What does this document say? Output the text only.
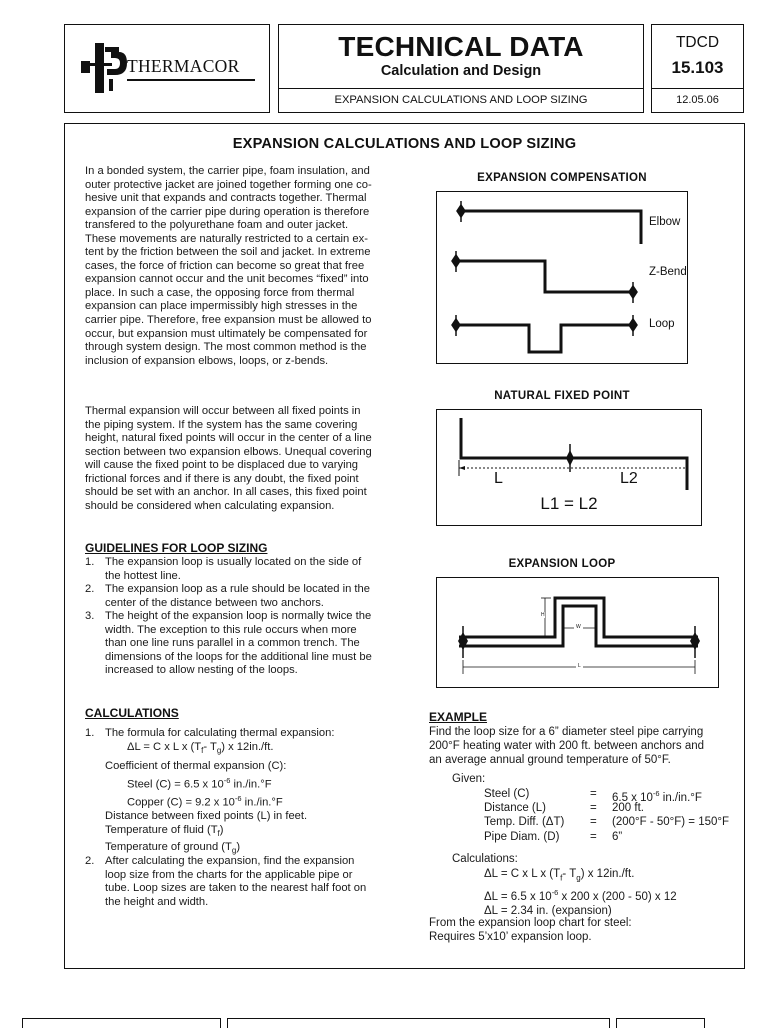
THERMACOR
TECHNICAL DATA
Calculation and Design
EXPANSION CALCULATIONS AND LOOP SIZING
TDCD
15.103
12.05.06
EXPANSION CALCULATIONS AND LOOP SIZING
In a bonded system, the carrier pipe, foam insulation, and
outer protective jacket are joined together forming one co-
hesive unit that expands and contracts together. Thermal
expansion of the carrier pipe during operation is therefore
transfered to the polyurethane foam and outer jacket.
These movements are naturally restricted to a certain ex-
tent by the friction between the soil and jacket. In extreme
cases, the force of friction can become so great that free
expansion cannot occur and the unit becomes “fixed” into
place. In such a case, the opposing force from thermal
expansion can place impermissibly high stresses in the
carrier pipe. Therefore, free expansion must be allowed to
occur, but expansion must ultimately be compensated for
through system design. The most common method is the
inclusion of expansion elbows, loops, or z-bends.
Thermal expansion will occur between all fixed points in
the piping system. If the system has the same covering
height, natural fixed points will occur in the center of a line
section between two expansion elbows. Unequal covering
will cause the fixed point to be displaced due to varying
frictional forces and if there is any doubt, the fixed point
should be set with an anchor. In all cases, this fixed point
should be considered when calculating expansion.
GUIDELINES FOR LOOP SIZING
1. The expansion loop is usually located on the side of
the hottest line.
2. The expansion loop as a rule should be located in the
center of the distance between two anchors.
3. The height of the expansion loop is normally twice the
width. The exception to this rule occurs when more
than one line runs parallel in a common trench. The
dimensions of the loops for the additional line must be
increased to allow nesting of the loops.
CALCULATIONS
1. The formula for calculating thermal expansion:
ΔL = C x L x ($T_f-$ $T_g$) x 12in./ft.
Coefficient of thermal expansion (C):
Steel (C) = 6.5 x $10^{-6}$ in./in.°F
Copper (C) = 9.2 x $10^{-6}$ in./in.°F
Distance between fixed points (L) in feet.
Temperature of fluid $(T_f)$
Temperature of ground $(T_g)$
2. After calculating the expansion, find the expansion
loop size from the charts for the applicable pipe or
tube. Loop sizes are taken to the nearest half foot on
the height and width.
EXPANSION COMPENSATION
Elbow
Z-Bend
Loop
NATURAL FIXED POINT
L	L2
L1 = L2
EXPANSION LOOP
H
W
L
EXAMPLE
Find the loop size for a 6” diameter steel pipe carrying
200°F heating water with 200 ft. between anchors and
an average annual ground temperature of 50°F.
Given:
Steel (C)	= 6.5 x $10^{-6}$ in./in.°F
Distance (L)	= 200 ft.
Temp. Diff. (ΔT) = (200°F - 50°F) = 150°F
Pipe Diam. (D)	= 6”
Calculations:
ΔL = C x L x ($T_f-$ $T_g$) x 12in./ft.
ΔL = 6.5 x $10^{-6}$ x 200 x (200 - 50) x 12
ΔL = 2.34 in. (expansion)
From the expansion loop chart for steel:
Requires 5’x10’ expansion loop.
